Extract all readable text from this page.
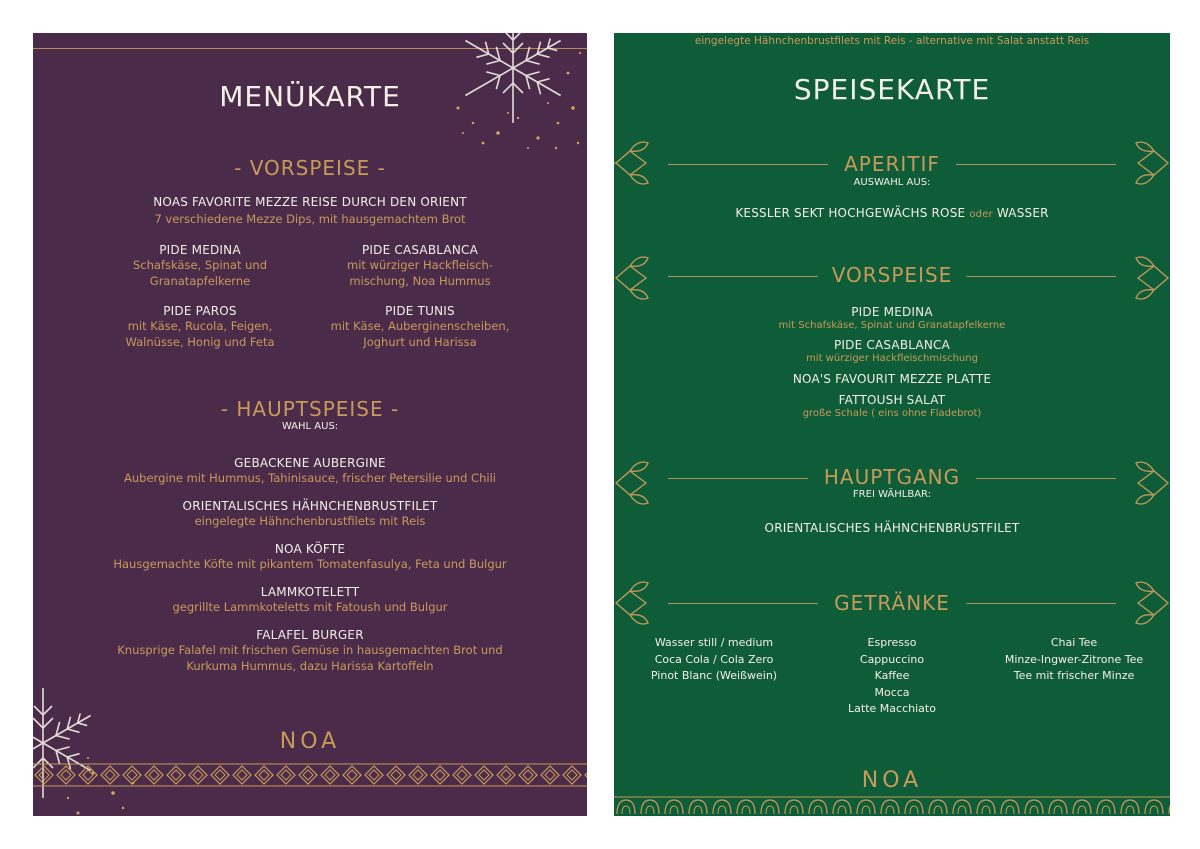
MENÜKARTE
- VORSPEISE -
NOAS FAVORITE MEZZE REISE DURCH DEN ORIENT
7 verschiedene Mezze Dips, mit hausgemachtem Brot
PIDE MEDINA
Schafskäse, Spinat und
Granatapfelkerne
PIDE PAROS
mit Käse, Rucola, Feigen,
Walnüsse, Honig und Feta
PIDE CASABLANCA
mit würziger Hackfleisch-
mischung, Noa Hummus
PIDE TUNIS
mit Käse, Auberginenscheiben,
Joghurt und Harissa
- HAUPTSPEISE -
WAHL AUS:
GEBACKENE AUBERGINE
Aubergine mit Hummus, Tahinisauce, frischer Petersilie und Chili
ORIENTALISCHES HÄHNCHENBRUSTFILET
eingelegte Hähnchenbrustfilets mit Reis
NOA KÖFTE
Hausgemachte Köfte mit pikantem Tomatenfasulya, Feta und Bulgur
LAMMKOTELETT
gegrillte Lammkoteletts mit Fatoush und Bulgur
FALAFEL BURGER
Knusprige Falafel mit frischen Gemüse in hausgemachten Brot und
Kurkuma Hummus, dazu Harissa Kartoffeln
NOA
SPEISEKARTE
APERITIF
AUSWAHL AUS:
KESSLER SEKT HOCHGEWÄCHS ROSE oder WASSER
VORSPEISE
PIDE MEDINA
mit Schafskäse, Spinat und Granatapfelkerne
PIDE CASABLANCA
mit würziger Hackfleischmischung
NOA'S FAVOURIT MEZZE PLATTE
FATTOUSH SALAT
große Schale ( eins ohne Fladebrot)
HAUPTGANG
FREI WÄHLBAR:
ORIENTALISCHES HÄHNCHENBRUSTFILET
eingelegte Hähnchenbrustfilets mit Reis - alternative mit Salat anstatt Reis
GETRÄNKE
Wasser still / medium
Coca Cola / Cola Zero
Pinot Blanc (Weißwein)
Espresso
Cappuccino
Kaffee
Mocca
Latte Macchiato
Chai Tee
Minze-Ingwer-Zitrone Tee
Tee mit frischer Minze
NOA
